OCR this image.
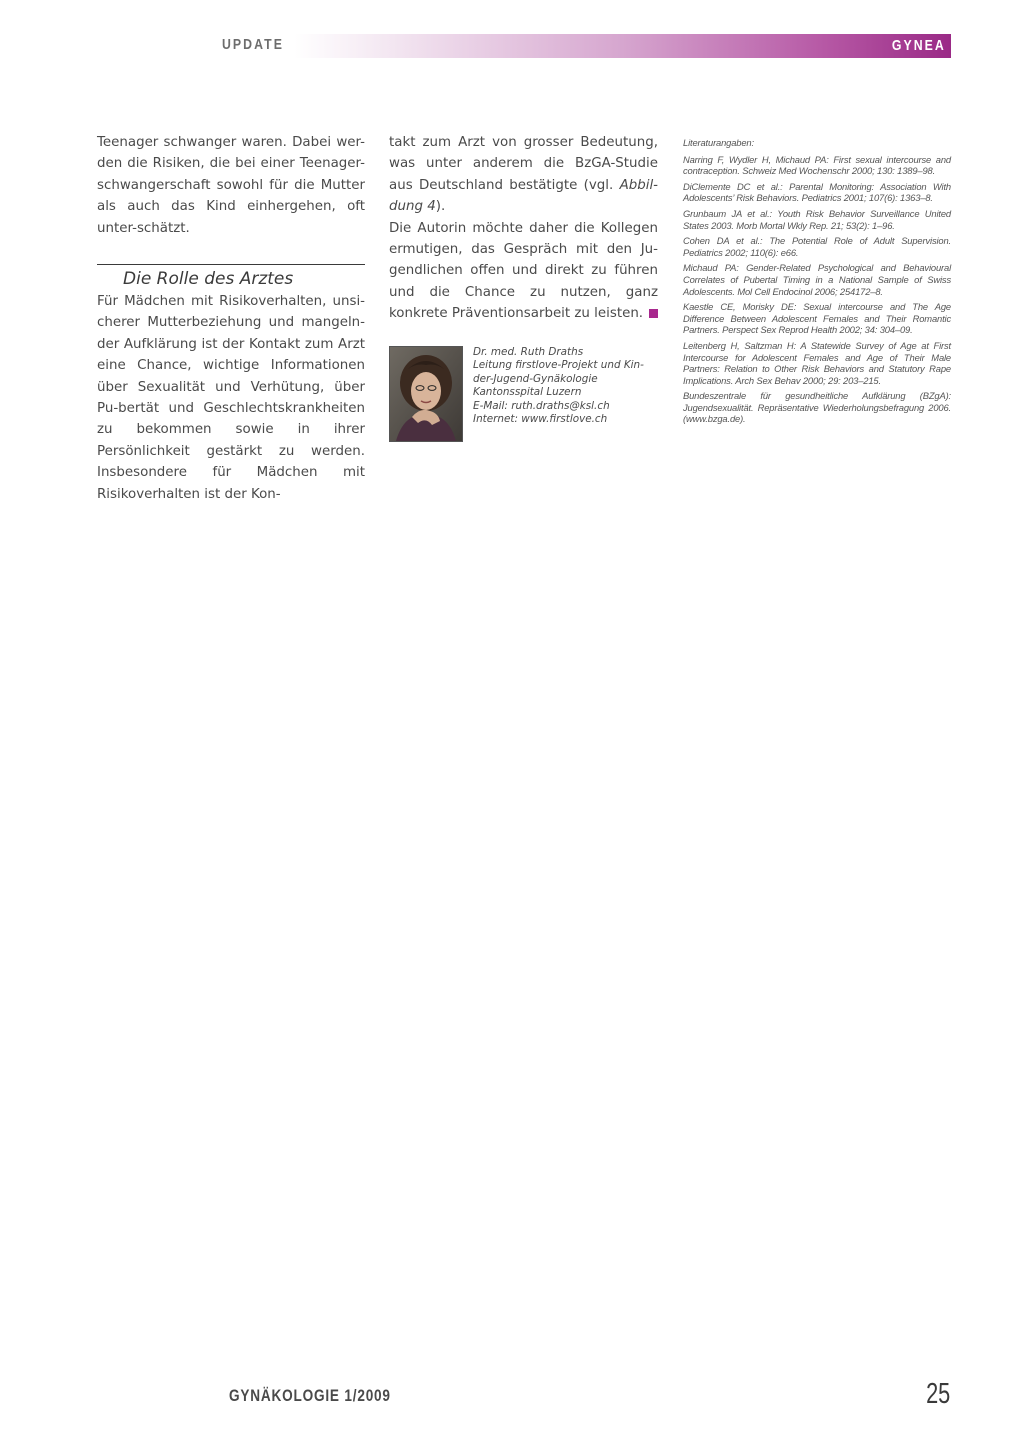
UPDATE	GYNEA

Teenager schwanger waren. Dabei wer-den die Risiken, die bei einer Teenager-schwangerschaft sowohl für die Mutter als auch das Kind einhergehen, oft unter-schätzt.

Die Rolle des Arztes

Für Mädchen mit Risikoverhalten, unsi-cherer Mutterbeziehung und mangeln-der Aufklärung ist der Kontakt zum Arzt eine Chance, wichtige Informationen über Sexualität und Verhütung, über Pu-bertät und Geschlechtskrankheiten zu bekommen sowie in ihrer Persönlichkeit gestärkt zu werden. Insbesondere für Mädchen mit Risikoverhalten ist der Kon-

takt zum Arzt von grosser Bedeutung, was unter anderem die BzGA-Studie aus Deutschland bestätigte (vgl. Abbil-dung 4).

Die Autorin möchte daher die Kollegen ermutigen, das Gespräch mit den Ju-gendlichen offen und direkt zu führen und die Chance zu nutzen, ganz konkrete Präventionsarbeit zu leisten.

Dr. med. Ruth Draths
Leitung firstlove-Projekt und Kin-
der-Jugend-Gynäkologie
Kantonsspital Luzern
E-Mail: ruth.draths@ksl.ch
Internet: www.firstlove.ch
Literaturangaben:

Narring F, Wydler H, Michaud PA: First sexual intercourse and contraception. Schweiz Med Wochenschr 2000; 130: 1389–98.

DiClemente DC et al.: Parental Monitoring: Association With Adolescents’ Risk Behaviors. Pediatrics 2001; 107(6): 1363–8.

Grunbaum JA et al.: Youth Risk Behavior Surveillance United States 2003. Morb Mortal Wkly Rep. 21; 53(2): 1–96.

Cohen DA et al.: The Potential Role of Adult Supervision. Pediatrics 2002; 110(6): e66.

Michaud PA: Gender-Related Psychological and Behavioural Correlates of Pubertal Timing in a National Sample of Swiss Adolescents. Mol Cell Endocinol 2006; 254172–8.

Kaestle CE, Morisky DE: Sexual intercourse and The Age Difference Between Adolescent Females and Their Romantic Partners. Perspect Sex Reprod Health 2002; 34: 304–09.

Leitenberg H, Saltzman H: A Statewide Survey of Age at First Intercourse for Adolescent Females and Age of Their Male Partners: Relation to Other Risk Behaviors and Statutory Rape Implications. Arch Sex Behav 2000; 29: 203–215.

Bundeszentrale für gesundheitliche Aufklärung (BZgA): Jugendsexualität. Repräsentative Wiederholungsbefragung 2006. (www.bzga.de).

GYNÄKOLOGIE 1/2009	25
